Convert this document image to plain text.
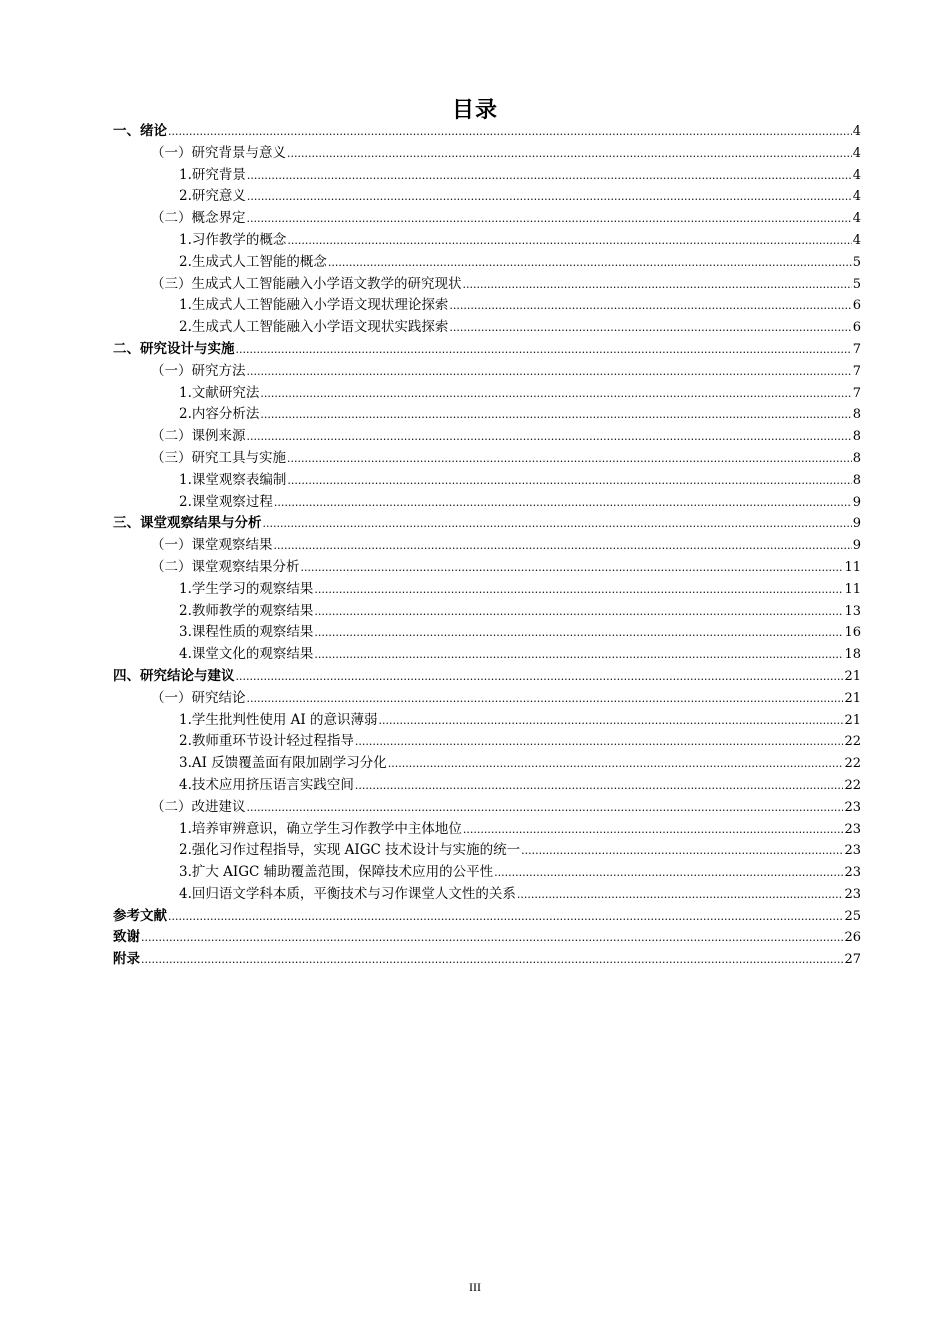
目录
一、绪论 .....	4
（一）研究背景与意义 .....	4
1.研究背景 .....	4
2.研究意义 .....	4
（二）概念界定 .....	4
1.习作教学的概念 .....	4
2.生成式人工智能的概念 .....	5
（三）生成式人工智能融入小学语文教学的研究现状 .....	5
1.生成式人工智能融入小学语文现状理论探索 .....	6
2.生成式人工智能融入小学语文现状实践探索 .....	6
二、研究设计与实施 .....	7
（一）研究方法 .....	7
1.文献研究法 .....	7
2.内容分析法 .....	8
（二）课例来源 .....	8
（三）研究工具与实施 .....	8
1.课堂观察表编制 .....	8
2.课堂观察过程 .....	9
三、课堂观察结果与分析 .....	9
（一）课堂观察结果 .....	9
（二）课堂观察结果分析 .....	11
1.学生学习的观察结果 .....	11
2.教师教学的观察结果 .....	13
3.课程性质的观察结果 .....	16
4.课堂文化的观察结果 .....	18
四、研究结论与建议 .....	21
（一）研究结论 .....	21
1.学生批判性使用 AI 的意识薄弱 .....	21
2.教师重环节设计轻过程指导 .....	22
3.AI 反馈覆盖面有限加剧学习分化 .....	22
4.技术应用挤压语言实践空间 .....	22
（二）改进建议 .....	23
1.培养审辨意识，确立学生习作教学中主体地位 .....	23
2.强化习作过程指导，实现 AIGC 技术设计与实施的统一 .....	23
3.扩大 AIGC 辅助覆盖范围，保障技术应用的公平性 .....	23
4.回归语文学科本质，平衡技术与习作课堂人文性的关系 .....	23
参考文献 .....	25
致谢 .....	26
附录 .....	27
III
